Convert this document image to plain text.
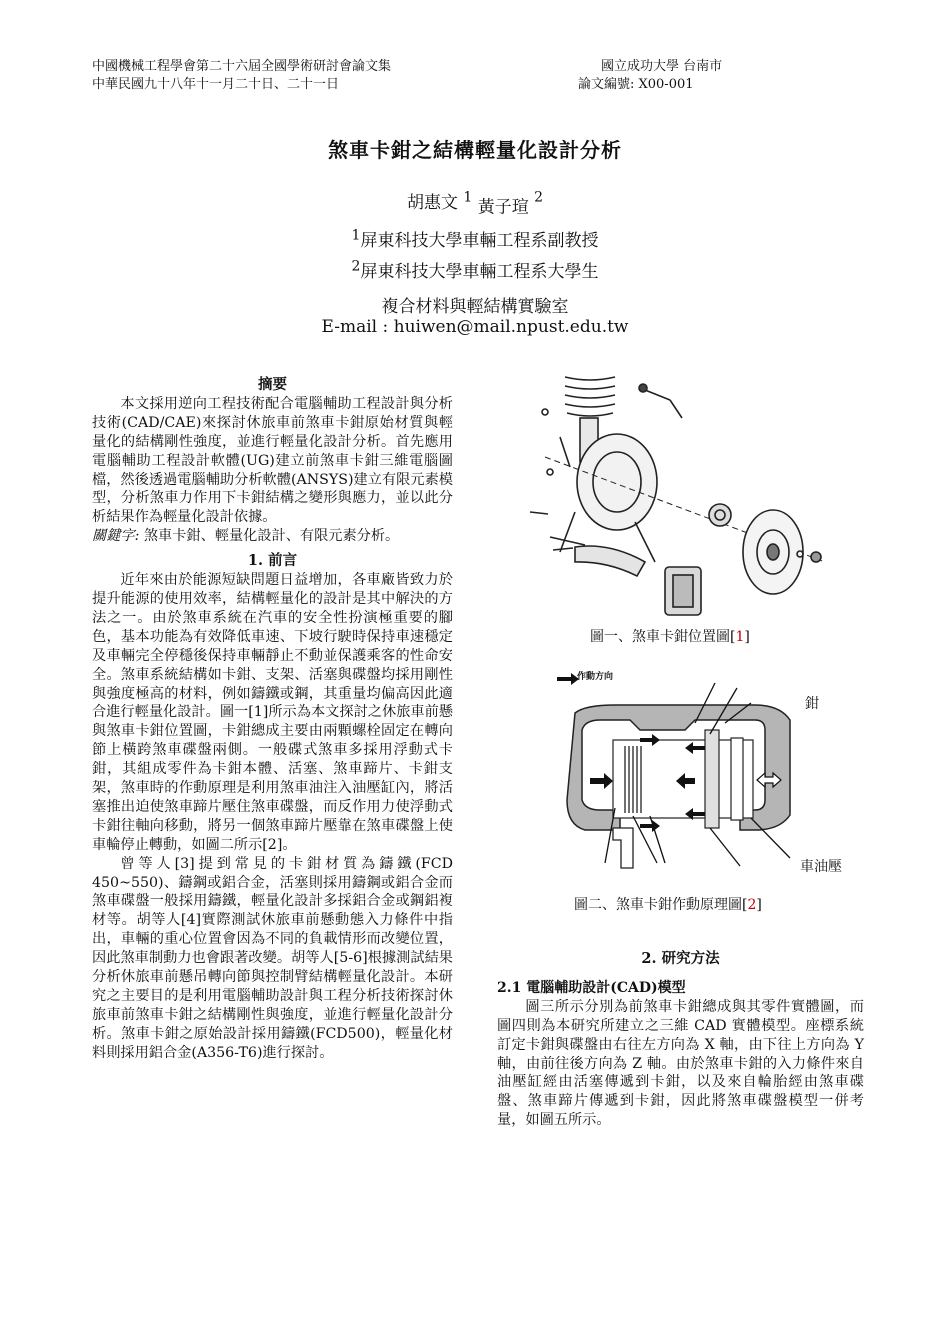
中國機械工程學會第二十六屆全國學術研討會論文集
中華民國九十八年十一月二十日、二十一日
國立成功大學 台南市
論文編號: X00-001
煞車卡鉗之結構輕量化設計分析
胡惠文 $^1$ $_{黃子瑄}$ $^2$
$^1$屏東科技大學車輛工程系副教授
$^2$屏東科技大學車輛工程系大學生
複合材料與輕結構實驗室
E-mail : huiwen@mail.npust.edu.tw

摘要

本文採用逆向工程技術配合電腦輔助工程設計與分析技術(CAD/CAE)來探討休旅車前煞車卡鉗原始材質與輕量化的結構剛性強度，並進行輕量化設計分析。首先應用電腦輔助工程設計軟體(UG)建立前煞車卡鉗三維電腦圖檔，然後透過電腦輔助分析軟體(ANSYS)建立有限元素模型，分析煞車力作用下卡鉗結構之變形與應力，並以此分析結果作為輕量化設計依據。

關鍵字: 煞車卡鉗、輕量化設計、有限元素分析。

1. 前言

近年來由於能源短缺問題日益增加，各車廠皆致力於提升能源的使用效率，結構輕量化的設計是其中解決的方法之一。由於煞車系統在汽車的安全性扮演極重要的腳色，基本功能為有效降低車速、下坡行駛時保持車速穩定及車輛完全停穩後保持車輛靜止不動並保護乘客的性命安全。煞車系統結構如卡鉗、支架、活塞與碟盤均採用剛性與強度極高的材料，例如鑄鐵或鋼，其重量均偏高因此適合進行輕量化設計。圖一[1]所示為本文探討之休旅車前懸與煞車卡鉗位置圖，卡鉗總成主要由兩顆螺栓固定在轉向節上橫跨煞車碟盤兩側。一般碟式煞車多採用浮動式卡鉗，其組成零件為卡鉗本體、活塞、煞車蹄片、卡鉗支架，煞車時的作動原理是利用煞車油注入油壓缸內，將活塞推出迫使煞車蹄片壓住煞車碟盤，而反作用力使浮動式卡鉗往軸向移動，將另一個煞車蹄片壓靠在煞車碟盤上使車輪停止轉動，如圖二所示[2]。

曾等人[3]提到常見的卡鉗材質為鑄鐵(FCD 450~550)、鑄鋼或鋁合金，活塞則採用鑄鋼或鋁合金而煞車碟盤一般採用鑄鐵，輕量化設計多採鋁合金或鋼鋁複材等。胡等人[4]實際測試休旅車前懸動態入力條件中指出，車輛的重心位置會因為不同的負載情形而改變位置，因此煞車制動力也會跟著改變。胡等人[5-6]根據測試結果分析休旅車前懸吊轉向節與控制臂結構輕量化設計。本研究之主要目的是利用電腦輔助設計與工程分析技術探討休旅車前煞車卡鉗之結構剛性與強度，並進行輕量化設計分析。煞車卡鉗之原始設計採用鑄鐵(FCD500)，輕量化材料則採用鋁合金(A356-T6)進行探討。

圖一、煞車卡鉗位置圖[1]
作動方向
鉗
車油壓
圖二、煞車卡鉗作動原理圖[2]

2. 研究方法

2.1 電腦輔助設計(CAD)模型

圖三所示分別為前煞車卡鉗總成與其零件實體圖，而圖四則為本研究所建立之三維 CAD 實體模型。座標系統訂定卡鉗與碟盤由右往左方向為 X 軸，由下往上方向為 Y 軸，由前往後方向為 Z 軸。由於煞車卡鉗的入力條件來自油壓缸經由活塞傳遞到卡鉗，以及來自輪胎經由煞車碟盤、煞車蹄片傳遞到卡鉗，因此將煞車碟盤模型一併考量，如圖五所示。
